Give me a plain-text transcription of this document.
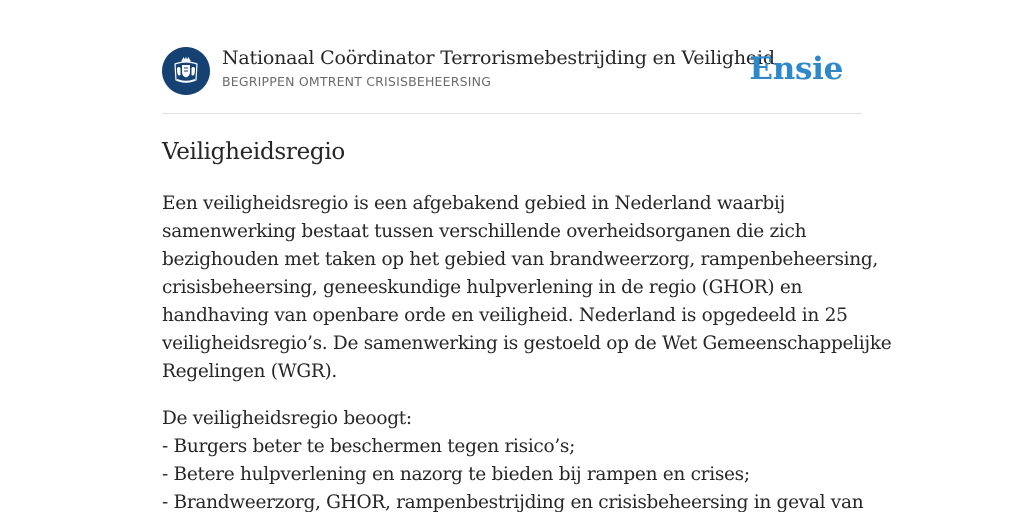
Nationaal Coördinator Terrorismebestrijding en Veiligheid
BEGRIPPEN OMTRENT CRISISBEHEERSING	Ensie
Veiligheidsregio

Een veiligheidsregio is een afgebakend gebied in Nederland waarbij
samenwerking bestaat tussen verschillende overheidsorganen die zich
bezighouden met taken op het gebied van brandweerzorg, rampenbeheersing,
crisisbeheersing, geneeskundige hulpverlening in de regio (GHOR) en
handhaving van openbare orde en veiligheid. Nederland is opgedeeld in 25
veiligheidsregio’s. De samenwerking is gestoeld op de Wet Gemeenschappelijke
Regelingen (WGR).

De veiligheidsregio beoogt:
- Burgers beter te beschermen tegen risico’s;
- Betere hulpverlening en nazorg te bieden bij rampen en crises;
- Brandweerzorg, GHOR, rampenbestrijding en crisisbeheersing in geval van
